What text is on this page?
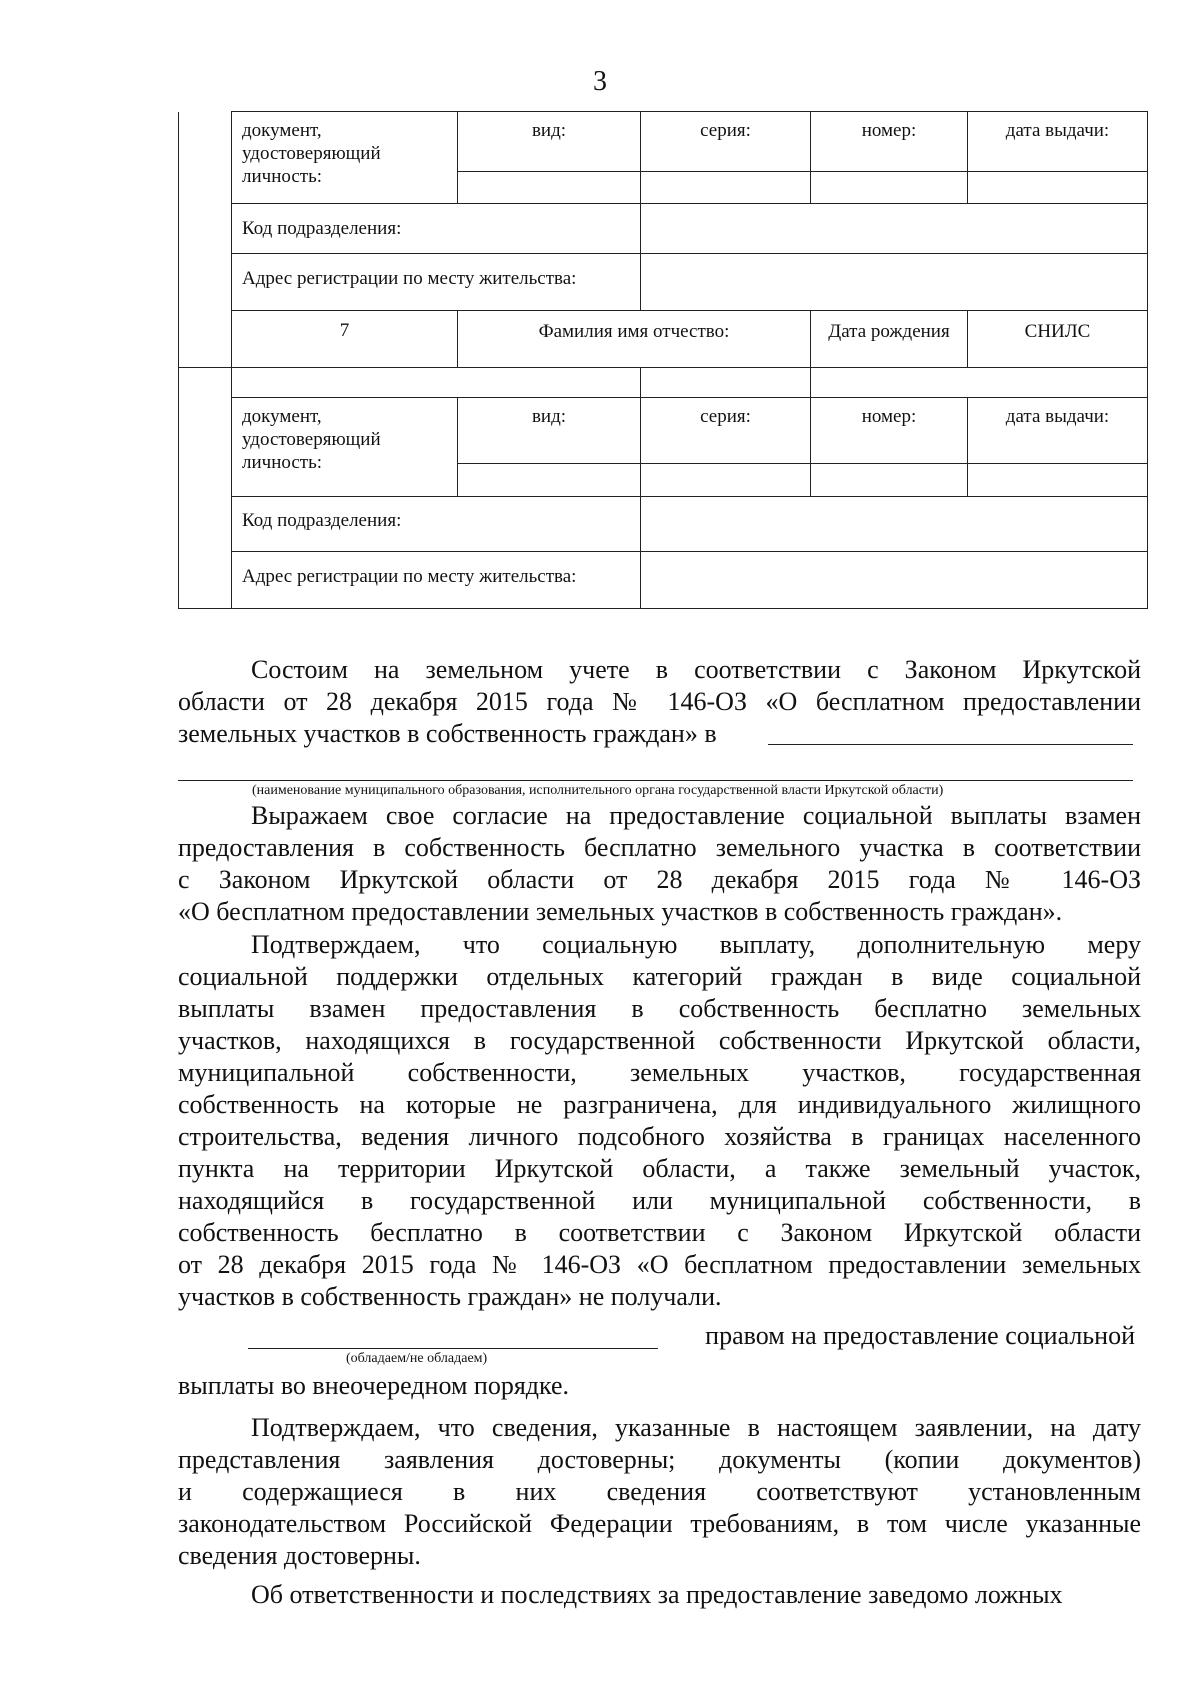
3
	документ,
удостоверяющий
личность:	вид:	серия:	номер:	дата выдачи:

	Код подразделения:				
	Адрес регистрации по месту жительства:				
	7	Фамилия имя отчество:		Дата рождения	СНИЛС

	документ,
удостоверяющий
личность:	вид:	серия:	номер:	дата выдачи:

	Код подразделения:				
	Адрес регистрации по месту жительства:				
Состоим на земельном учете в соответствии с Законом Иркутской
области от 28 декабря 2015 года № 146-ОЗ «О бесплатном предоставлении
земельных участков в собственность граждан» в
(наименование муниципального образования, исполнительного органа государственной власти Иркутской области)
Выражаем свое согласие на предоставление социальной выплаты взамен
предоставления в собственность бесплатно земельного участка в соответствии
с Законом Иркутской области от 28 декабря 2015 года № 146-ОЗ
«О бесплатном предоставлении земельных участков в собственность граждан».
Подтверждаем, что социальную выплату, дополнительную меру
социальной поддержки отдельных категорий граждан в виде социальной
выплаты взамен предоставления в собственность бесплатно земельных
участков, находящихся в государственной собственности Иркутской области,
муниципальной собственности, земельных участков, государственная
собственность на которые не разграничена, для индивидуального жилищного
строительства, ведения личного подсобного хозяйства в границах населенного
пункта на территории Иркутской области, а также земельный участок,
находящийся в государственной или муниципальной собственности, в
собственность бесплатно в соответствии с Законом Иркутской области
от 28 декабря 2015 года № 146-ОЗ «О бесплатном предоставлении земельных
участков в собственность граждан» не получали.
правом на предоставление социальной
(обладаем/не обладаем)
выплаты во внеочередном порядке.
Подтверждаем, что сведения, указанные в настоящем заявлении, на дату
представления заявления достоверны; документы (копии документов)
и содержащиеся в них сведения соответствуют установленным
законодательством Российской Федерации требованиям, в том числе указанные
сведения достоверны.
Об ответственности и последствиях за предоставление заведомо ложных
